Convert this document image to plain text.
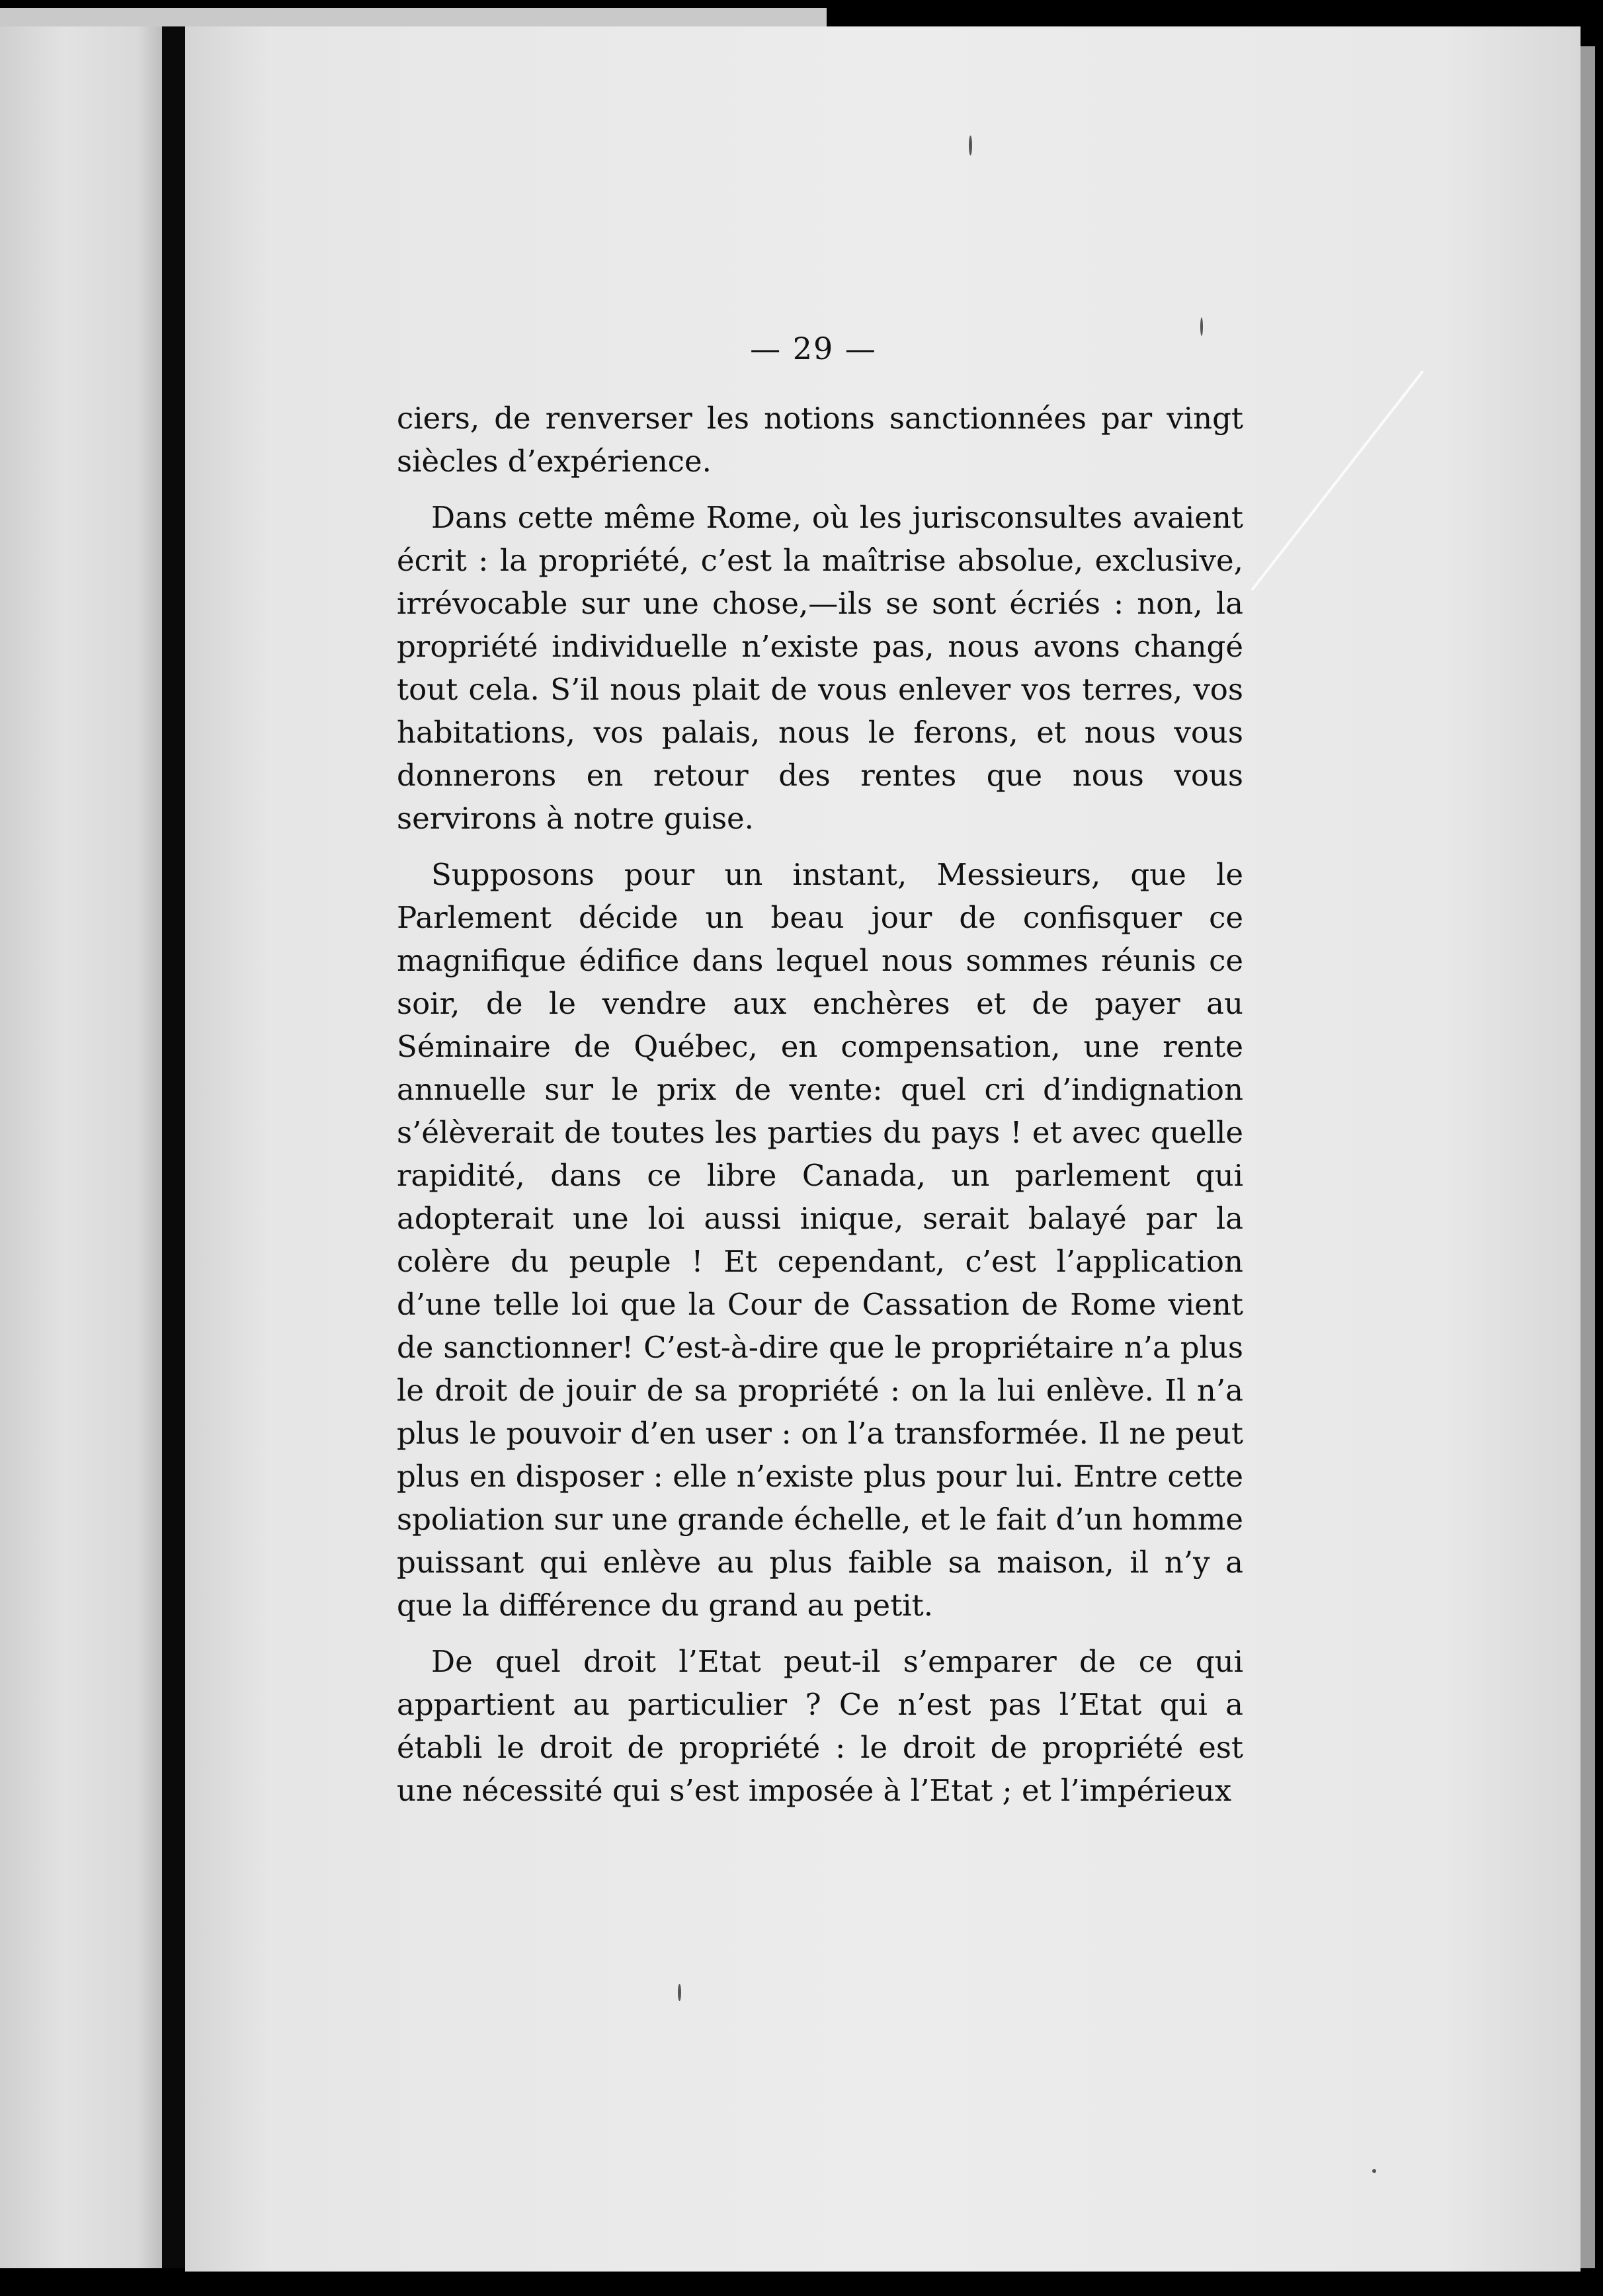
— 29 —

ciers, de renverser les notions sanctionnées par vingt siècles d’expérience.

Dans cette même Rome, où les jurisconsultes avaient écrit : la propriété, c’est la maîtrise absolue, exclusive, irrévocable sur une chose,—ils se sont écriés : non, la propriété individuelle n’existe pas, nous avons changé tout cela. S’il nous plait de vous enlever vos terres, vos habitations, vos palais, nous le ferons, et nous vous donnerons en retour des rentes que nous vous servirons à notre guise.

Supposons pour un instant, Messieurs, que le Parlement décide un beau jour de confisquer ce magnifique édifice dans lequel nous sommes réunis ce soir, de le vendre aux enchères et de payer au Séminaire de Québec, en compensation, une rente annuelle sur le prix de vente: quel cri d’indignation s’élèverait de toutes les parties du pays ! et avec quelle rapidité, dans ce libre Canada, un parlement qui adopterait une loi aussi inique, serait balayé par la colère du peuple ! Et cependant, c’est l’application d’une telle loi que la Cour de Cassation de Rome vient de sanctionner! C’est-à-dire que le propriétaire n’a plus le droit de jouir de sa propriété : on la lui enlève. Il n’a plus le pouvoir d’en user : on l’a transformée. Il ne peut plus en disposer : elle n’existe plus pour lui. Entre cette spoliation sur une grande échelle, et le fait d’un homme puissant qui enlève au plus faible sa maison, il n’y a que la différence du grand au petit.

De quel droit l’Etat peut-il s’emparer de ce qui appartient au particulier ? Ce n’est pas l’Etat qui a établi le droit de propriété : le droit de propriété est une nécessité qui s’est imposée à l’Etat ; et l’impérieux
